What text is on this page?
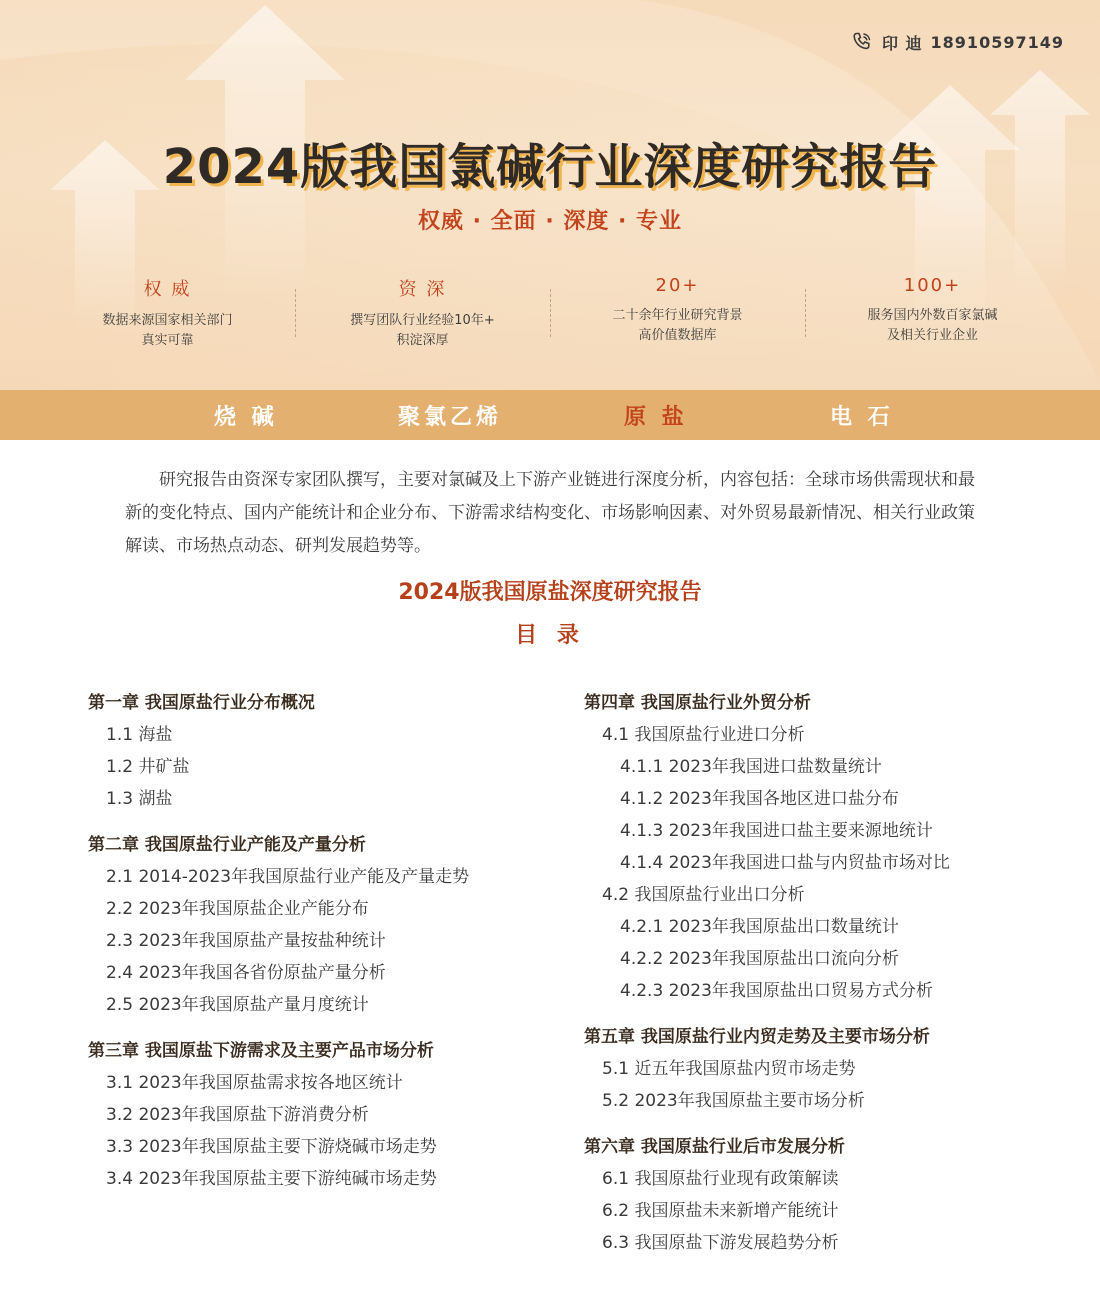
印 迪 18910597149
2024版我国氯碱行业深度研究报告
权威 · 全面 · 深度 · 专业
权 威
数据来源国家相关部门
真实可靠
资 深
撰写团队行业经验10年+
积淀深厚
20+
二十余年行业研究背景
高价值数据库
100+
服务国内外数百家氯碱
及相关行业企业
烧 碱	聚氯乙烯	原 盐	电 石

研究报告由资深专家团队撰写，主要对氯碱及上下游产业链进行深度分析，内容包括：全球市场供需现状和最新的变化特点、国内产能统计和企业分布、下游需求结构变化、市场影响因素、对外贸易最新情况、相关行业政策解读、市场热点动态、研判发展趋势等。

2024版我国原盐深度研究报告
目 录
第一章 我国原盐行业分布概况
1.1 海盐
1.2 井矿盐
1.3 湖盐
第二章 我国原盐行业产能及产量分析
2.1 2014-2023年我国原盐行业产能及产量走势
2.2 2023年我国原盐企业产能分布
2.3 2023年我国原盐产量按盐种统计
2.4 2023年我国各省份原盐产量分析
2.5 2023年我国原盐产量月度统计
第三章 我国原盐下游需求及主要产品市场分析
3.1 2023年我国原盐需求按各地区统计
3.2 2023年我国原盐下游消费分析
3.3 2023年我国原盐主要下游烧碱市场走势
3.4 2023年我国原盐主要下游纯碱市场走势
第四章 我国原盐行业外贸分析
4.1 我国原盐行业进口分析
4.1.1 2023年我国进口盐数量统计
4.1.2 2023年我国各地区进口盐分布
4.1.3 2023年我国进口盐主要来源地统计
4.1.4 2023年我国进口盐与内贸盐市场对比
4.2 我国原盐行业出口分析
4.2.1 2023年我国原盐出口数量统计
4.2.2 2023年我国原盐出口流向分析
4.2.3 2023年我国原盐出口贸易方式分析
第五章 我国原盐行业内贸走势及主要市场分析
5.1 近五年我国原盐内贸市场走势
5.2 2023年我国原盐主要市场分析
第六章 我国原盐行业后市发展分析
6.1 我国原盐行业现有政策解读
6.2 我国原盐未来新增产能统计
6.3 我国原盐下游发展趋势分析
